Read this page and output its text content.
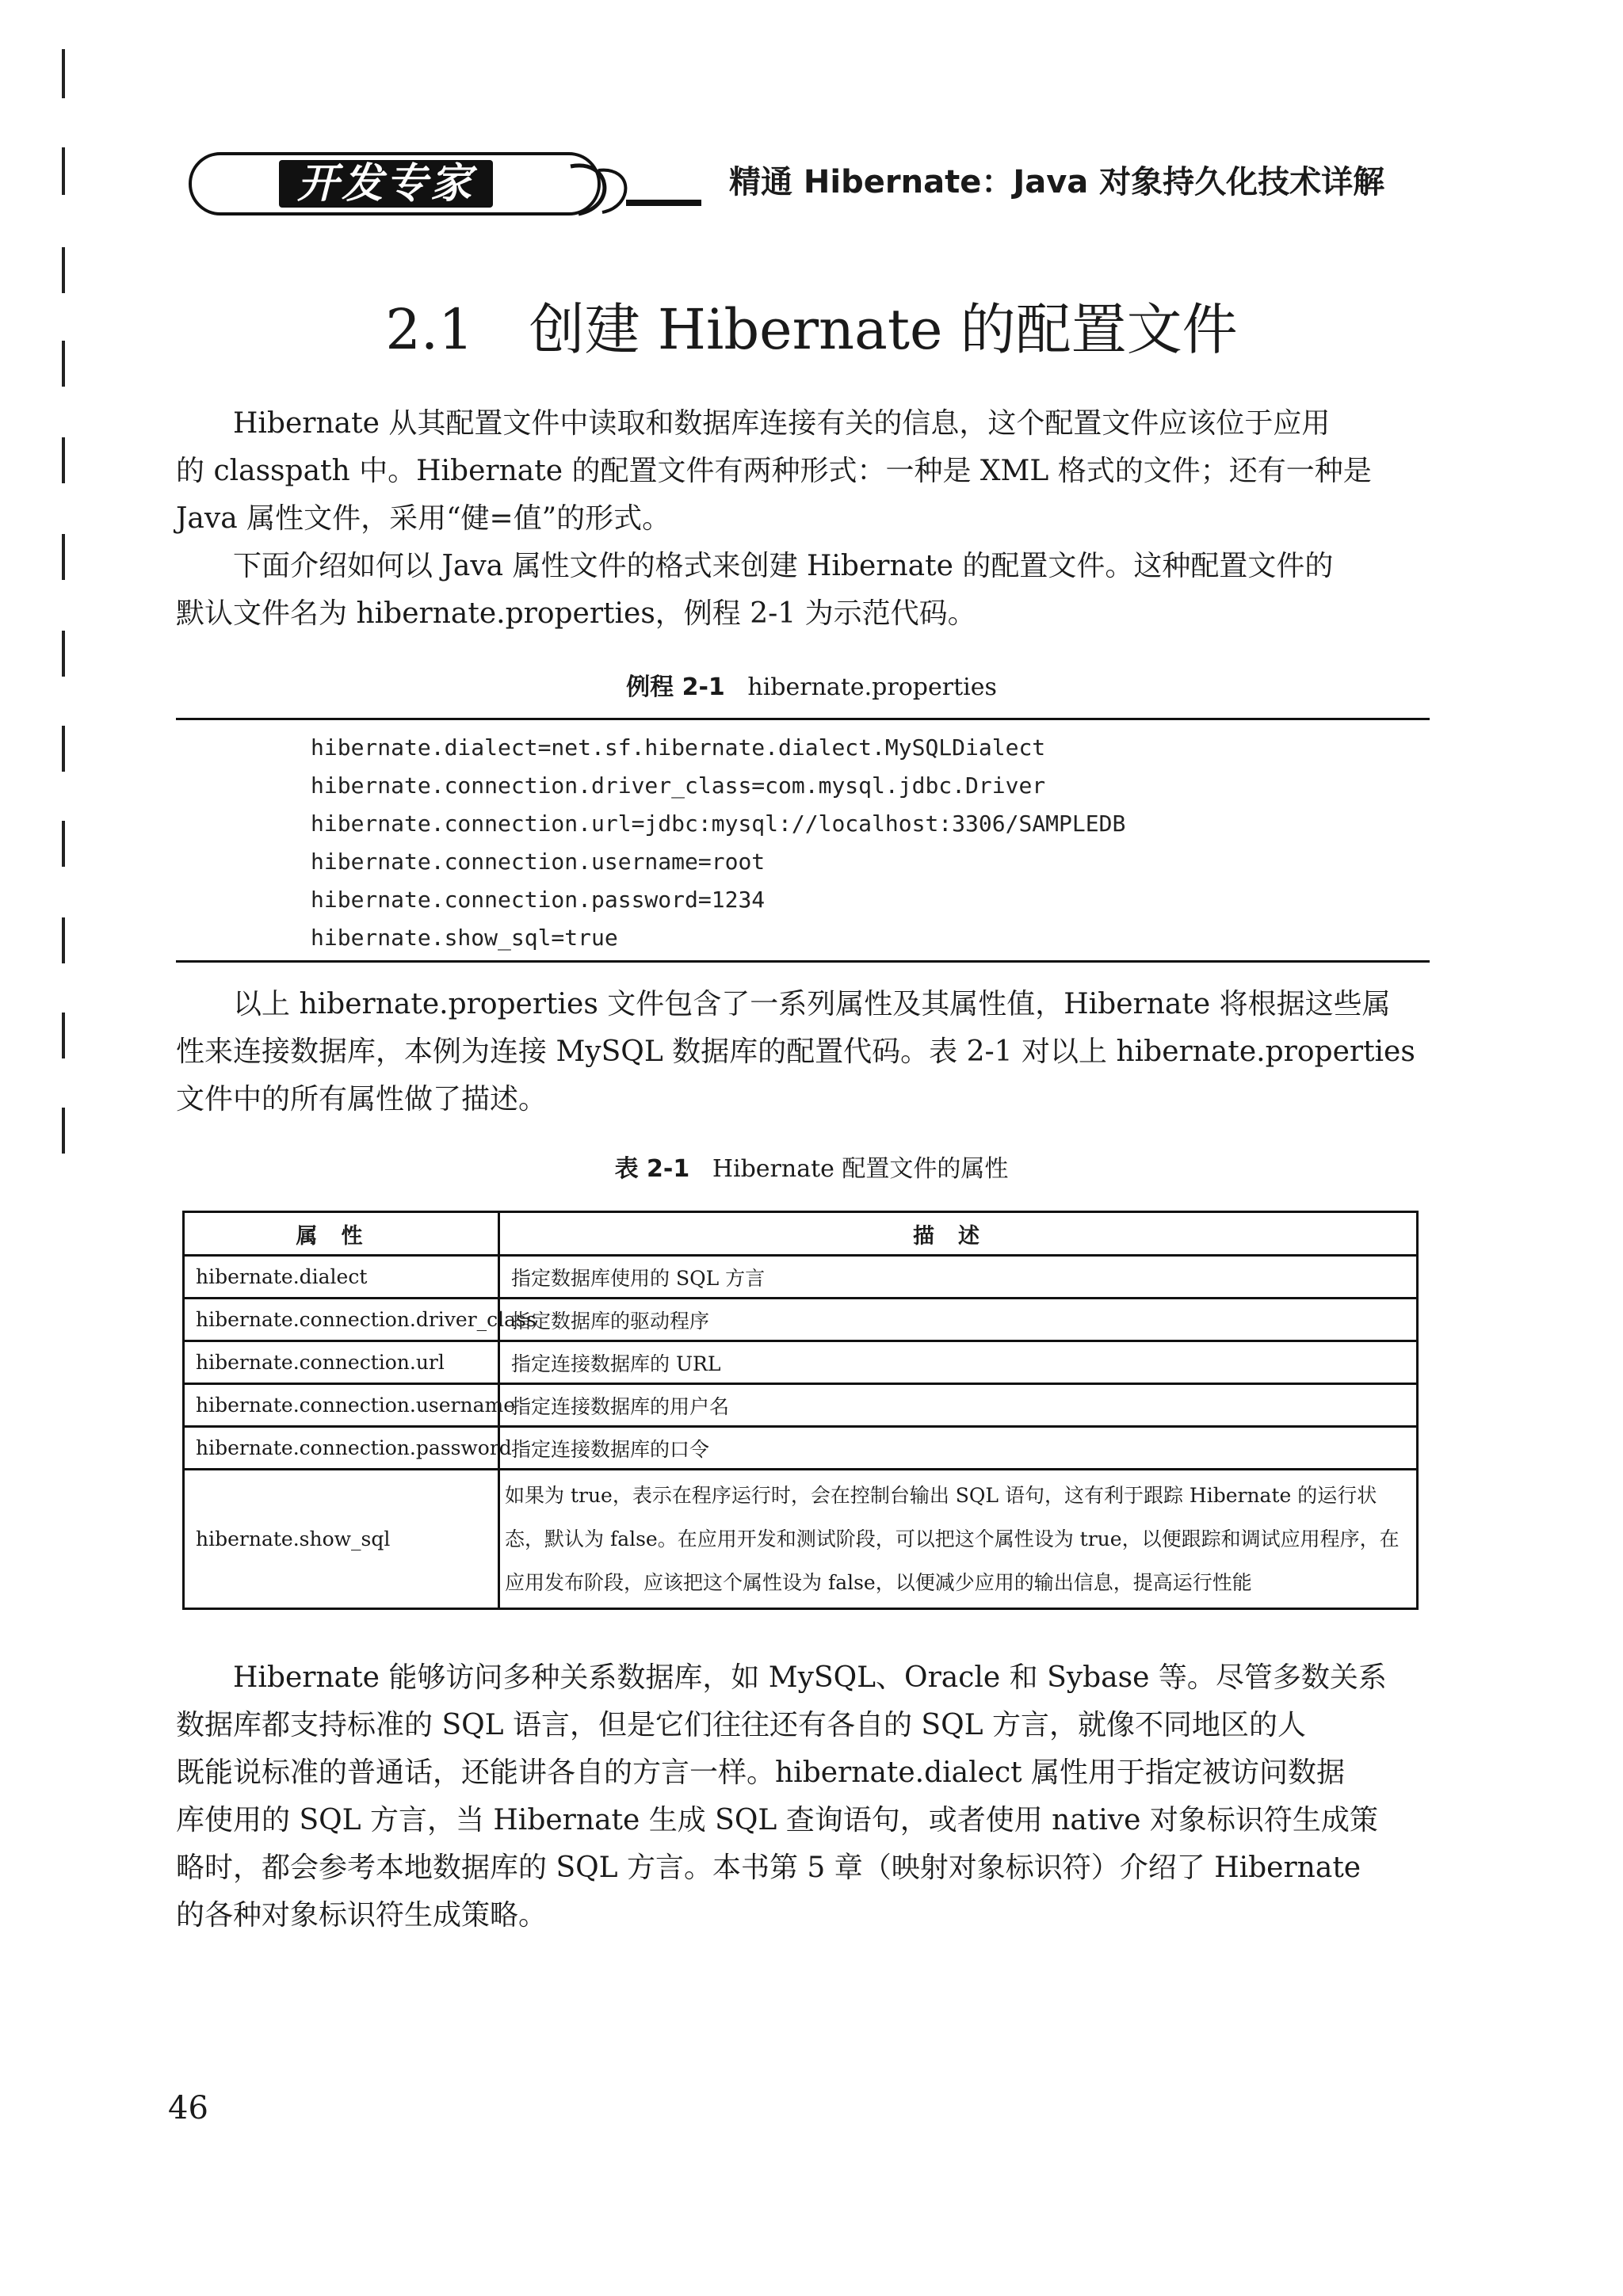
开发专家	精通 Hibernate：Java 对象持久化技术详解
2.1 创建 Hibernate 的配置文件
Hibernate 从其配置文件中读取和数据库连接有关的信息，这个配置文件应该位于应用
的 classpath 中。Hibernate 的配置文件有两种形式：一种是 XML 格式的文件；还有一种是
Java 属性文件，采用“健=值”的形式。
下面介绍如何以 Java 属性文件的格式来创建 Hibernate 的配置文件。这种配置文件的
默认文件名为 hibernate.properties，例程 2-1 为示范代码。
例程 2-1 hibernate.properties
hibernate.dialect=net.sf.hibernate.dialect.MySQLDialect
hibernate.connection.driver_class=com.mysql.jdbc.Driver
hibernate.connection.url=jdbc:mysql://localhost:3306/SAMPLEDB
hibernate.connection.username=root
hibernate.connection.password=1234
hibernate.show_sql=true
以上 hibernate.properties 文件包含了一系列属性及其属性值，Hibernate 将根据这些属
性来连接数据库，本例为连接 MySQL 数据库的配置代码。表 2-1 对以上 hibernate.properties
文件中的所有属性做了描述。
表 2-1 Hibernate 配置文件的属性
属性	描述
hibernate.dialect	指定数据库使用的 SQL 方言
hibernate.connection.driver_class	指定数据库的驱动程序
hibernate.connection.url	指定连接数据库的 URL
hibernate.connection.username	指定连接数据库的用户名
hibernate.connection.password	指定连接数据库的口令
hibernate.show_sql	如果为 true，表示在程序运行时，会在控制台输出 SQL 语句，这有利于跟踪 Hibernate 的运行状态，默认为 false。在应用开发和测试阶段，可以把这个属性设为 true，以便跟踪和调试应用程序，在应用发布阶段，应该把这个属性设为 false，以便减少应用的输出信息，提高运行性能
Hibernate 能够访问多种关系数据库，如 MySQL、Oracle 和 Sybase 等。尽管多数关系
数据库都支持标准的 SQL 语言，但是它们往往还有各自的 SQL 方言，就像不同地区的人
既能说标准的普通话，还能讲各自的方言一样。hibernate.dialect 属性用于指定被访问数据
库使用的 SQL 方言，当 Hibernate 生成 SQL 查询语句，或者使用 native 对象标识符生成策
略时，都会参考本地数据库的 SQL 方言。本书第 5 章（映射对象标识符）介绍了 Hibernate
的各种对象标识符生成策略。
46
